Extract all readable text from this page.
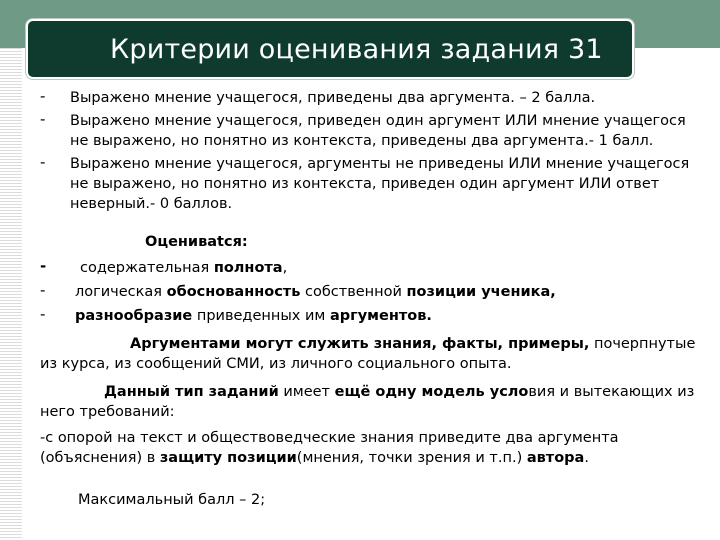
Критерии оценивания задания 31
- Выражено мнение учащегося, приведены два аргумента. – 2 балла.
- Выражено мнение учащегося, приведен один аргумент ИЛИ мнение учащегося не выражено, но понятно из контекста, приведены два аргумента.- 1 балл.
- Выражено мнение учащегося, аргументы не приведены ИЛИ мнение учащегося не выражено, но понятно из контекста, приведен один аргумент ИЛИ ответ неверный.- 0 баллов.
Оцениваtся:
- содержательная полнота,
- логическая обоснованность собственной позиции ученика,
- разнообразие приведенных им аргументов.
Аргументами могут служить знания, факты, примеры, почерпнутые из курса, из сообщений СМИ, из личного социального опыта.
Данный тип заданий имеет ещё одну модель условия и вытекающих из него требований:
-с опорой на текст и обществоведческие знания приведите два аргумента (объяснения) в защиту позиции(мнения, точки зрения и т.п.) автора.
Максимальный балл – 2;
